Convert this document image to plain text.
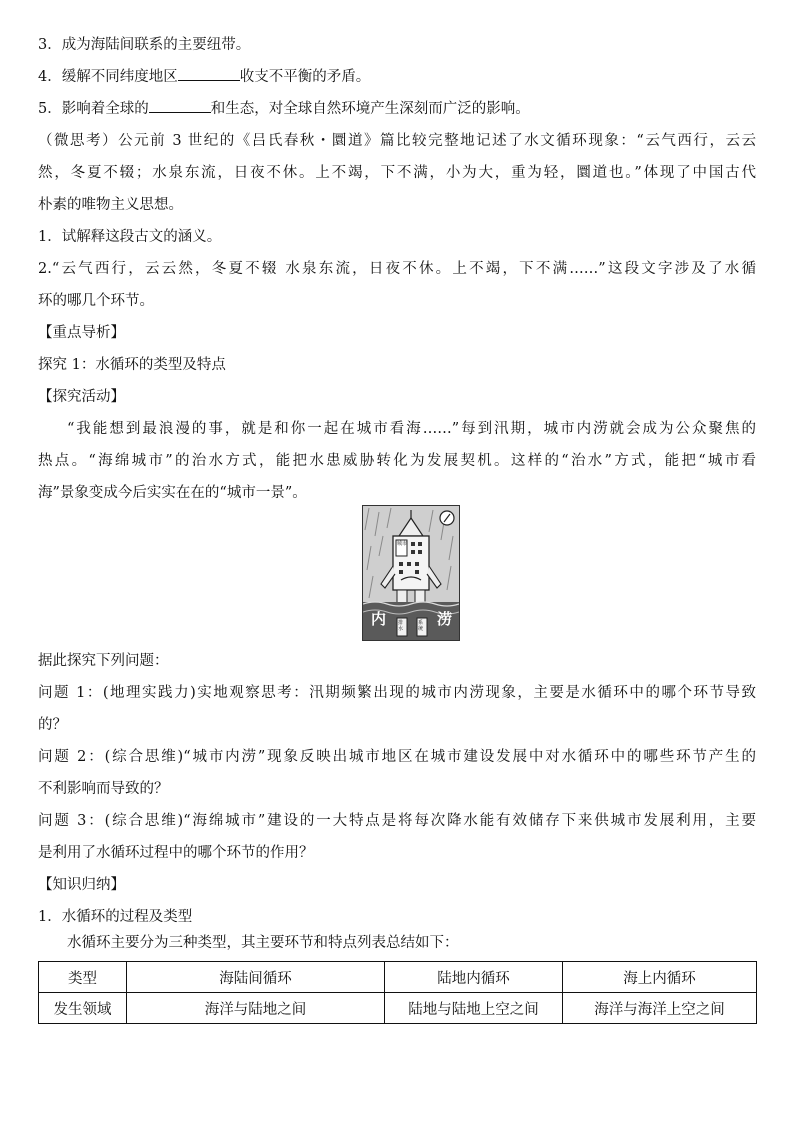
3．成为海陆间联系的主要纽带。
4．缓解不同纬度地区	收支不平衡的矛盾。
5．影响着全球的	和生态，对全球自然环境产生深刻而广泛的影响。
（微思考）公元前 3 世纪的《吕氏春秋・圜道》篇比较完整地记述了水文循环现象：“云气西行，云云
然，冬夏不辍；水泉东流，日夜不休。上不竭，下不满，小为大，重为轻，圜道也。”体现了中国古代
朴素的唯物主义思想。
1．试解释这段古文的涵义。
2.“云气西行，云云然，冬夏不辍 水泉东流，日夜不休。上不竭，下不满……”这段文字涉及了水循
环的哪几个环节。
【重点导析】
探究 1：水循环的类型及特点
【探究活动】
“我能想到最浪漫的事，就是和你一起在城市看海……”每到汛期，城市内涝就会成为公众聚焦的
热点。“海绵城市”的治水方式，能把水患威胁转化为发展契机。这样的“治水”方式，能把“城市看
海”景象变成今后实实在在的“城市一景”。
城市
内	涝
排水
系统
据此探究下列问题：
问题 1：(地理实践力)实地观察思考：汛期频繁出现的城市内涝现象，主要是水循环中的哪个环节导致
的？
问题 2：(综合思维)“城市内涝”现象反映出城市地区在城市建设发展中对水循环中的哪些环节产生的
不利影响而导致的？
问题 3：(综合思维)“海绵城市”建设的一大特点是将每次降水能有效储存下来供城市发展利用，主要
是利用了水循环过程中的哪个环节的作用？
【知识归纳】
1．水循环的过程及类型
水循环主要分为三种类型，其主要环节和特点列表总结如下：
类型	海陆间循环	陆地内循环	海上内循环
发生领域	海洋与陆地之间	陆地与陆地上空之间	海洋与海洋上空之间
